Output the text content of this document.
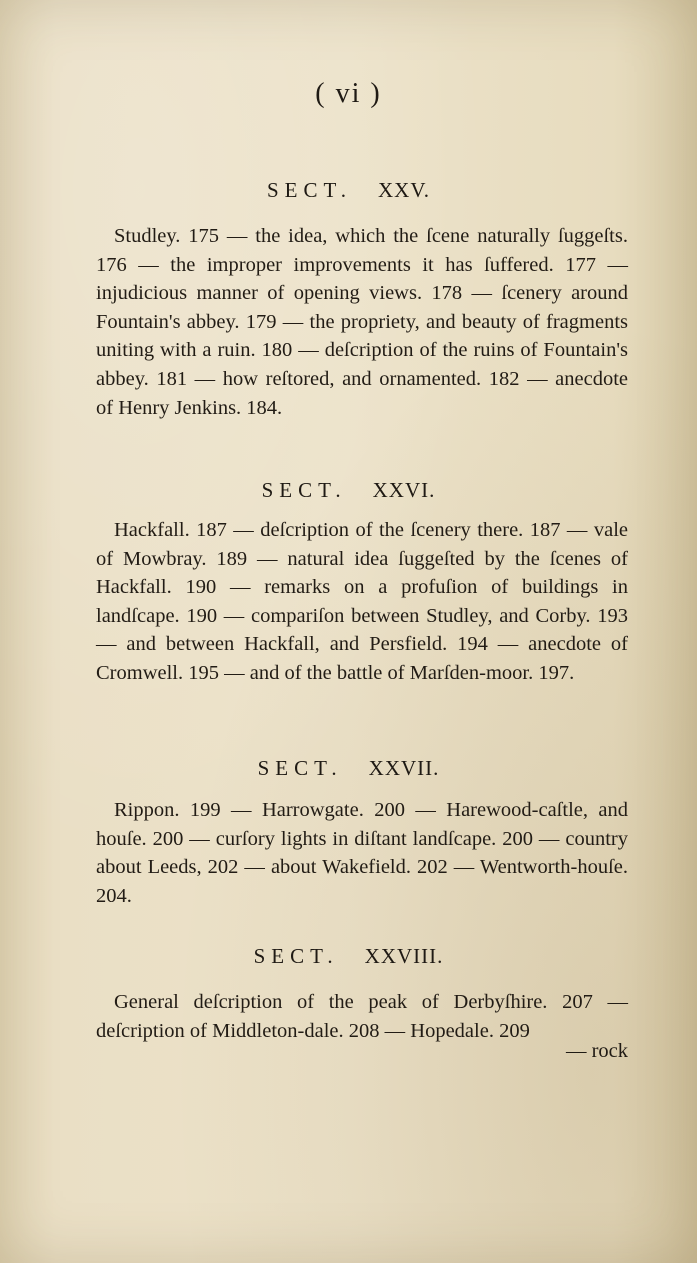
( vi )
SECT. XXV.
Studley. 175 — the idea, which the ſcene naturally ſuggeſts. 176 — the improper improvements it has ſuffered. 177 — injudicious manner of opening views. 178 — ſcenery around Fountain's abbey. 179 — the propriety, and beauty of fragments uniting with a ruin. 180 — deſcription of the ruins of Fountain's abbey. 181 — how reſtored, and ornamented. 182 — anecdote of Henry Jenkins. 184.
SECT. XXVI.
Hackfall. 187 — deſcription of the ſcenery there. 187 — vale of Mowbray. 189 — natural idea ſuggeſted by the ſcenes of Hackfall. 190 — remarks on a profuſion of buildings in landſcape. 190 — compariſon between Studley, and Corby. 193 — and between Hackfall, and Persfield. 194 — anecdote of Cromwell. 195 — and of the battle of Marſden-moor. 197.
SECT. XXVII.
Rippon. 199 — Harrowgate. 200 — Harewood-caſtle, and houſe. 200 — curſory lights in diſtant landſcape. 200 — country about Leeds, 202 — about Wakefield. 202 — Wentworth-houſe. 204.
SECT. XXVIII.
General deſcription of the peak of Derbyſhire. 207 — deſcription of Middleton-dale. 208 — Hopedale. 209
— rock
